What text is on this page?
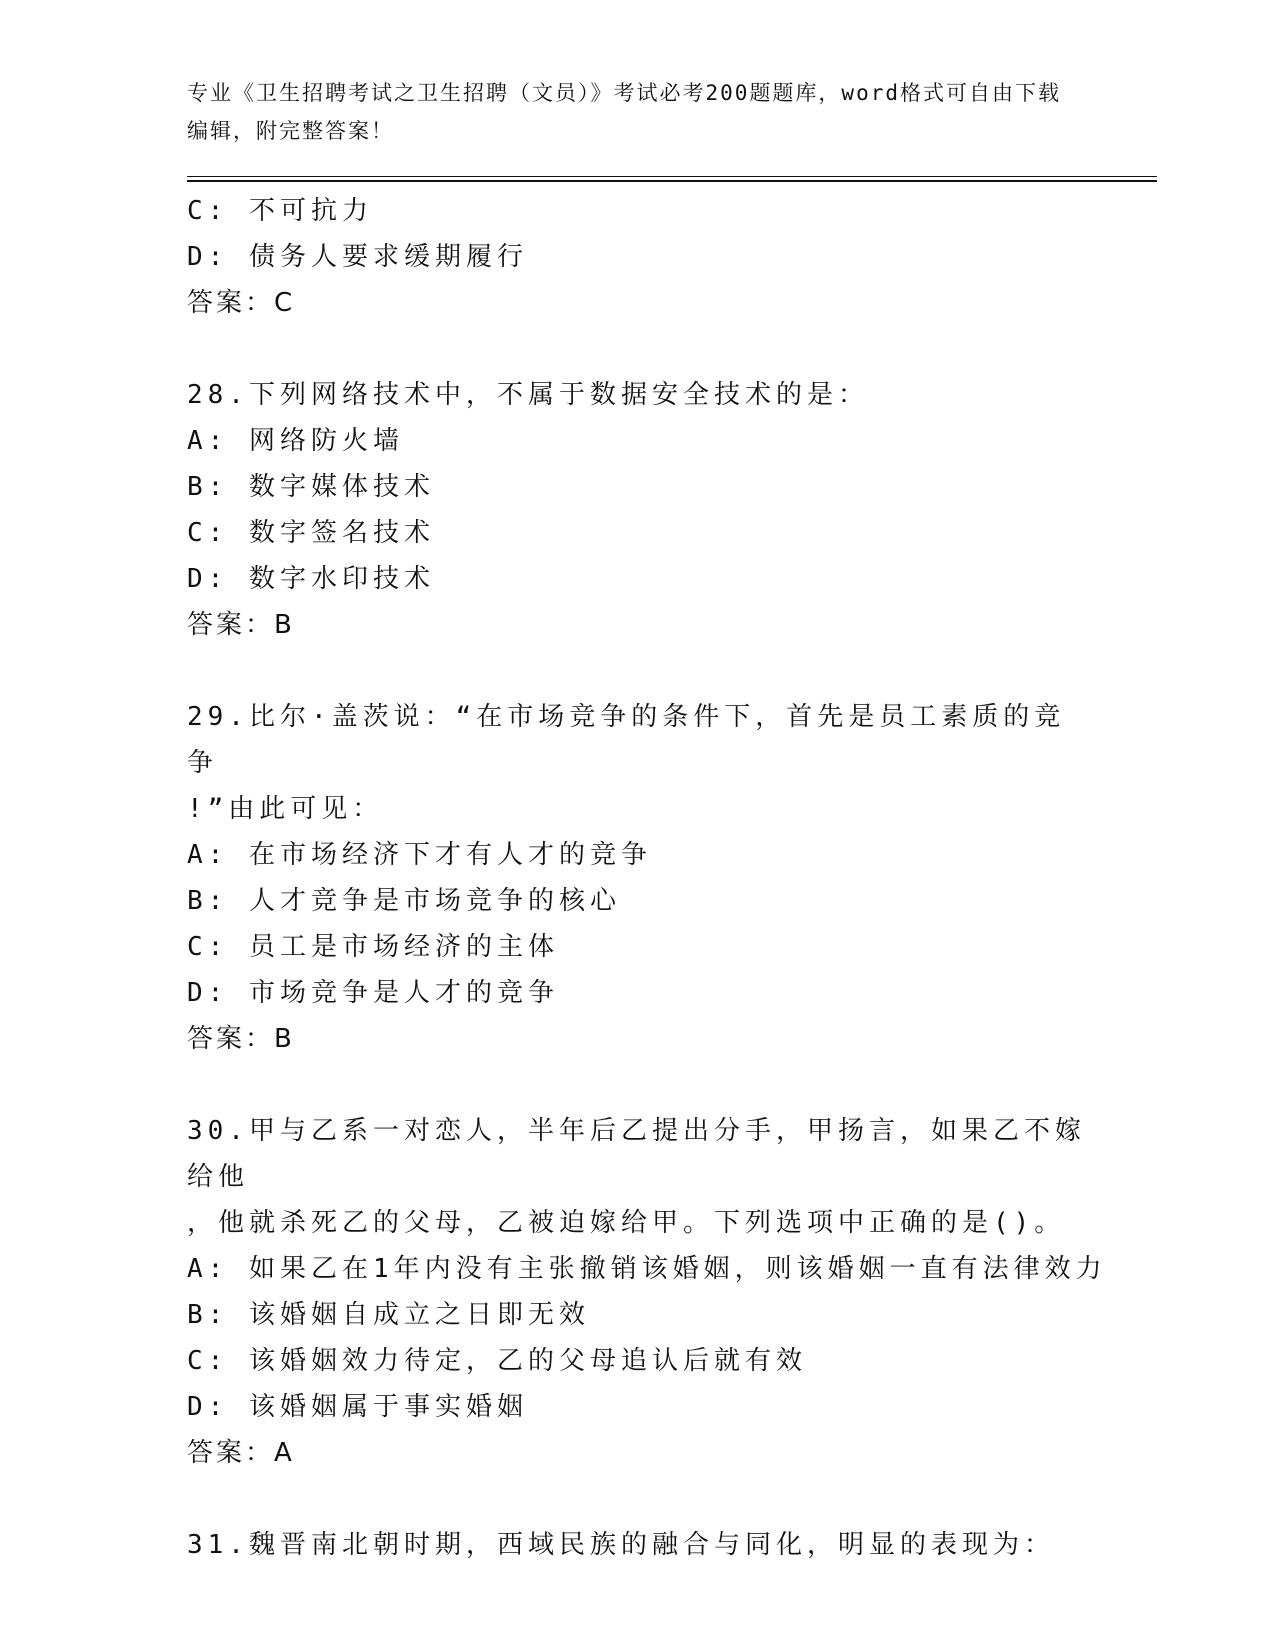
专业《卫生招聘考试之卫生招聘（文员）》考试必考200题题库，word格式可自由下载编辑，附完整答案！
C: 不可抗力
D: 债务人要求缓期履行
答案：C
28.下列网络技术中，不属于数据安全技术的是：
A: 网络防火墙
B: 数字媒体技术
C: 数字签名技术
D: 数字水印技术
答案：B
29.比尔·盖茨说：“在市场竞争的条件下，首先是员工素质的竞争
!”由此可见：
A: 在市场经济下才有人才的竞争
B: 人才竞争是市场竞争的核心
C: 员工是市场经济的主体
D: 市场竞争是人才的竞争
答案：B
30.甲与乙系一对恋人，半年后乙提出分手，甲扬言，如果乙不嫁给他
，他就杀死乙的父母，乙被迫嫁给甲。下列选项中正确的是()。
A: 如果乙在1年内没有主张撤销该婚姻，则该婚姻一直有法律效力
B: 该婚姻自成立之日即无效
C: 该婚姻效力待定，乙的父母追认后就有效
D: 该婚姻属于事实婚姻
答案：A
31.魏晋南北朝时期，西域民族的融合与同化，明显的表现为：
